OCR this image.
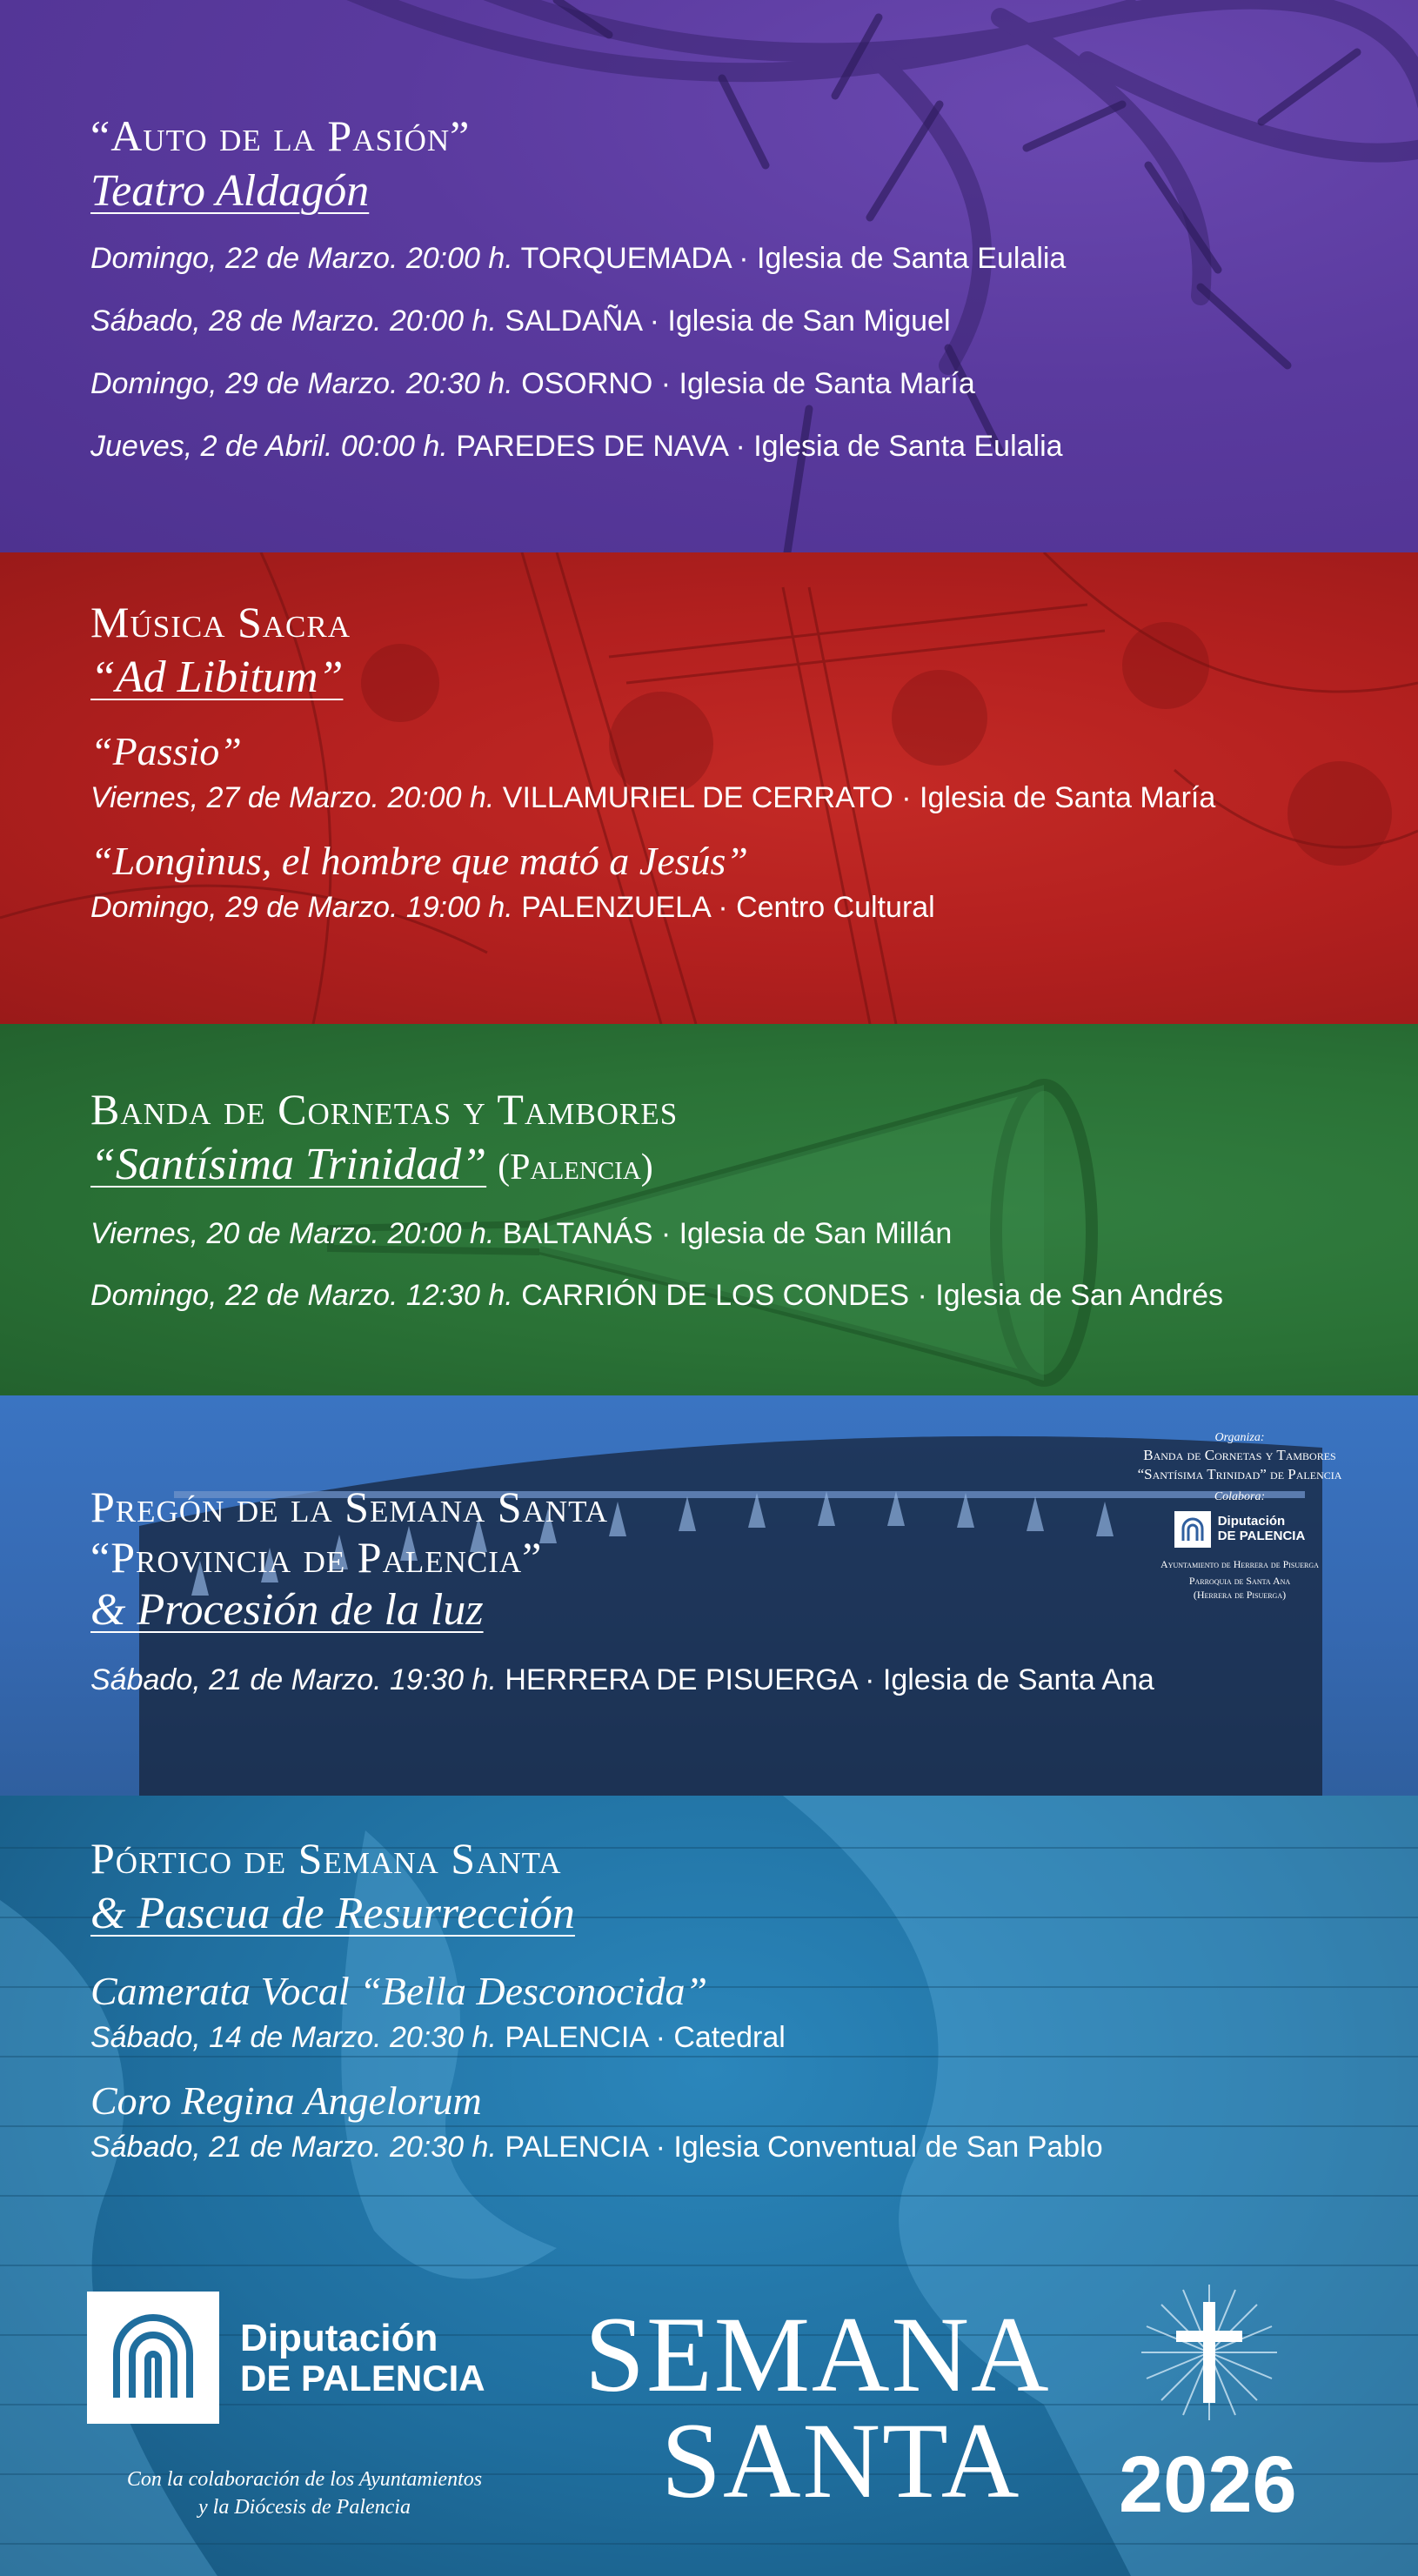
“Auto de la Pasión”
Teatro Aldagón
Domingo, 22 de Marzo. 20:00 h. TORQUEMADA · Iglesia de Santa Eulalia
Sábado, 28 de Marzo. 20:00 h. SALDAÑA · Iglesia de San Miguel
Domingo, 29 de Marzo. 20:30 h. OSORNO · Iglesia de Santa María
Jueves, 2 de Abril. 00:00 h. PAREDES DE NAVA · Iglesia de Santa Eulalia
Música Sacra
“Ad Libitum”
“Passio”
Viernes, 27 de Marzo. 20:00 h. VILLAMURIEL DE CERRATO · Iglesia de Santa María
“Longinus, el hombre que mató a Jesús”
Domingo, 29 de Marzo. 19:00 h. PALENZUELA · Centro Cultural
Banda de Cornetas y Tambores
“Santísima Trinidad” (Palencia)
Viernes, 20 de Marzo. 20:00 h. BALTANÁS · Iglesia de San Millán
Domingo, 22 de Marzo. 12:30 h. CARRIÓN DE LOS CONDES · Iglesia de San Andrés
Pregón de la Semana Santa
“Provincia de Palencia”
& Procesión de la luz
Sábado, 21 de Marzo. 19:30 h. HERRERA DE PISUERGA · Iglesia de Santa Ana
Organiza:
Banda de Cornetas y Tambores
“Santísima Trinidad” de Palencia
Colabora:
Diputación
DE PALENCIA
Ayuntamiento de Herrera de Pisuerga
Parroquia de Santa Ana
(Herrera de Pisuerga)
Pórtico de Semana Santa
& Pascua de Resurrección
Camerata Vocal “Bella Desconocida”
Sábado, 14 de Marzo. 20:30 h. PALENCIA · Catedral
Coro Regina Angelorum
Sábado, 21 de Marzo. 20:30 h. PALENCIA · Iglesia Conventual de San Pablo
Diputación
DE PALENCIA
Con la colaboración de los Ayuntamientos
y la Diócesis de Palencia
SEMANA
SANTA	2026
